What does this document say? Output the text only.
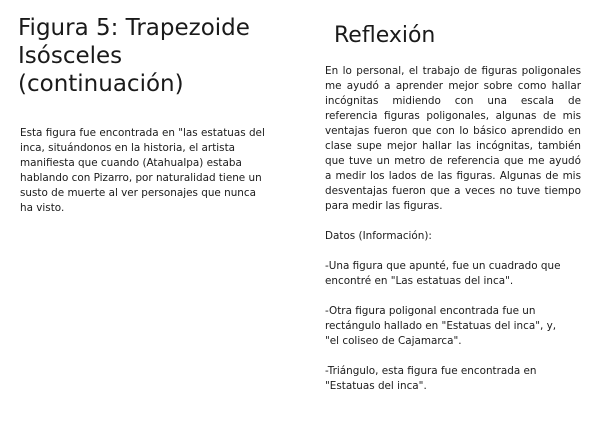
Figura 5: Trapezoide
Isósceles
(continuación)
Esta figura fue encontrada en "las estatuas del inca, situándonos en la historia, el artista manifiesta que cuando (Atahualpa) estaba hablando con Pizarro, por naturalidad tiene un susto de muerte al ver personajes que nunca ha visto.
Reflexión

En lo personal, el trabajo de figuras poligonales me ayudó a aprender mejor sobre como hallar incógnitas midiendo con una escala de referencia figuras poligonales, algunas de mis ventajas fueron que con lo básico aprendido en clase supe mejor hallar las incógnitas, también que tuve un metro de referencia que me ayudó a medir los lados de las figuras. Algunas de mis desventajas fueron que a veces no tuve tiempo para medir las figuras.

Datos (Información):

-Una figura que apunté, fue un cuadrado que encontré en "Las estatuas del inca".

-Otra figura poligonal encontrada fue un rectángulo hallado en "Estatuas del inca", y,

"el coliseo de Cajamarca".

-Triángulo, esta figura fue encontrada en "Estatuas del inca".
